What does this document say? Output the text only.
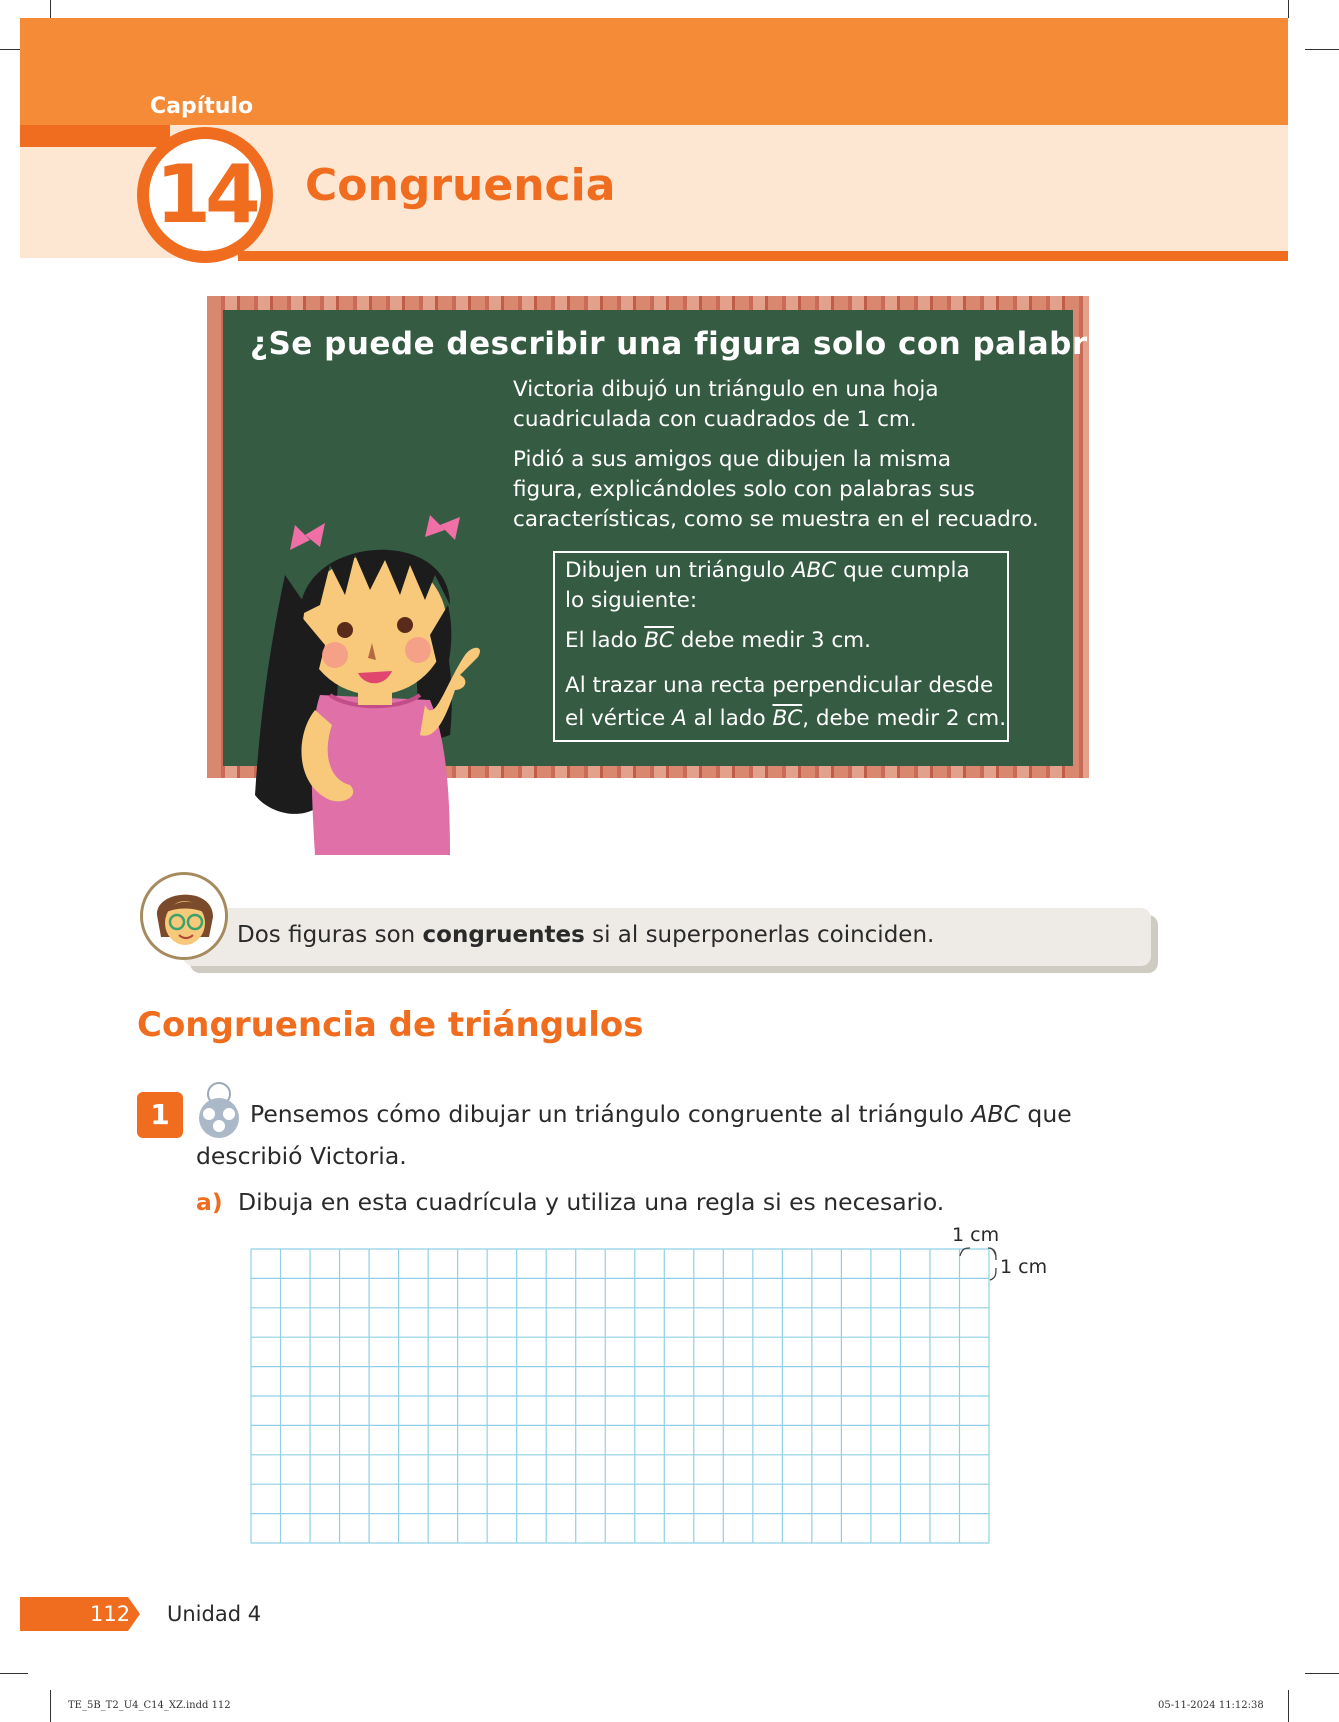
Capítulo
14 Congruencia
¿Se puede describir una figura solo con palabras?
Victoria dibujó un triángulo en una hoja
cuadriculada con cuadrados de 1 cm.
Pidió a sus amigos que dibujen la misma
figura, explicándoles solo con palabras sus
características, como se muestra en el recuadro.
Dibujen un triángulo ABC que cumpla
lo siguiente:
El lado $\overline{BC}$ debe medir 3 cm.
Al trazar una recta perpendicular desde
el vértice A al lado $\overline{BC}$, debe medir 2 cm.
Dos figuras son congruentes si al superponerlas coinciden.
Congruencia de triángulos
1	Pensemos cómo dibujar un triángulo congruente al triángulo ABC que
describió Victoria.
a) Dibuja en esta cuadrícula y utiliza una regla si es necesario.
1 cm
1 cm
112 Unidad 4
TE_5B_T2_U4_C14_XZ.indd 112	05-11-2024 11:12:38
